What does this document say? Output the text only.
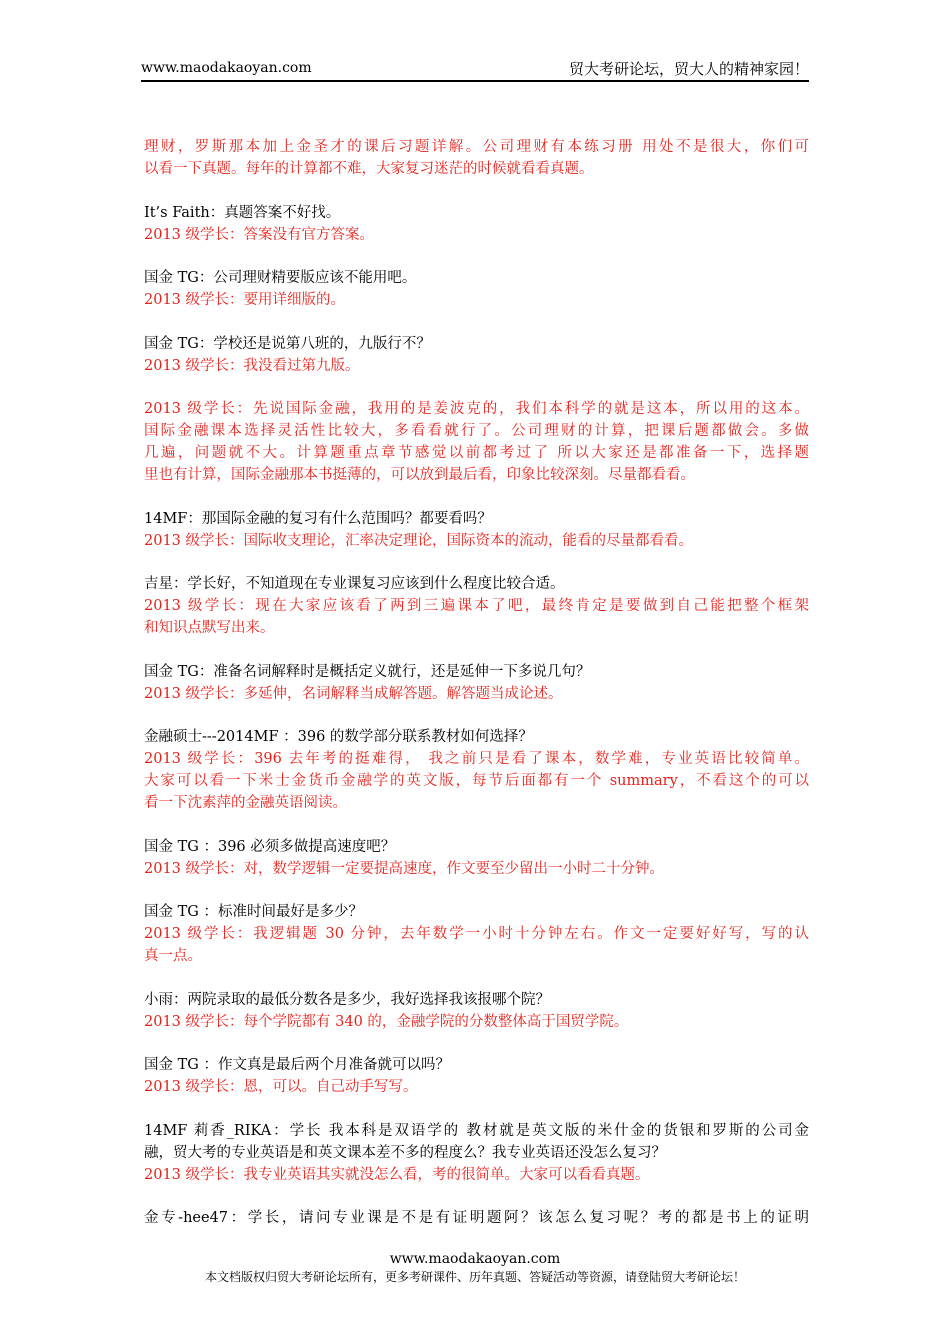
www.maodakaoyan.com	贸大考研论坛，贸大人的精神家园！
理财，罗斯那本加上金圣才的课后习题详解。公司理财有本练习册 用处不是很大，你们可
以看一下真题。每年的计算都不难，大家复习迷茫的时候就看看真题。
It’s Faith：真题答案不好找。
2013 级学长：答案没有官方答案。
国金 TG：公司理财精要版应该不能用吧。
2013 级学长：要用详细版的。
国金 TG：学校还是说第八班的，九版行不？
2013 级学长：我没看过第九版。
2013 级学长：先说国际金融，我用的是姜波克的，我们本科学的就是这本，所以用的这本。
国际金融课本选择灵活性比较大，多看看就行了。公司理财的计算，把课后题都做会。多做
几遍，问题就不大。计算题重点章节感觉以前都考过了 所以大家还是都准备一下，选择题
里也有计算，国际金融那本书挺薄的，可以放到最后看，印象比较深刻。尽量都看看。
14MF：那国际金融的复习有什么范围吗？都要看吗？
2013 级学长：国际收支理论，汇率决定理论，国际资本的流动，能看的尽量都看看。
吉星：学长好，不知道现在专业课复习应该到什么程度比较合适。
2013 级学长：现在大家应该看了两到三遍课本了吧，最终肯定是要做到自己能把整个框架
和知识点默写出来。
国金 TG：准备名词解释时是概括定义就行，还是延伸一下多说几句？
2013 级学长：多延伸，名词解释当成解答题。解答题当成论述。
金融硕士---2014MF ：396 的数学部分联系教材如何选择？
2013 级学长：396 去年考的挺难得， 我之前只是看了课本，数学难，专业英语比较简单。
大家可以看一下米士金货币金融学的英文版，每节后面都有一个 summary，不看这个的可以
看一下沈素萍的金融英语阅读。
国金 TG ：396 必须多做提高速度吧？
2013 级学长：对，数学逻辑一定要提高速度，作文要至少留出一小时二十分钟。
国金 TG ：标准时间最好是多少？
2013 级学长：我逻辑题 30 分钟，去年数学一小时十分钟左右。作文一定要好好写，写的认
真一点。
小雨：两院录取的最低分数各是多少，我好选择我该报哪个院？
2013 级学长：每个学院都有 340 的，金融学院的分数整体高于国贸学院。
国金 TG ：作文真是最后两个月准备就可以吗？
2013 级学长：恩，可以。自己动手写写。
14MF 莉香_RIKA：学长 我本科是双语学的 教材就是英文版的米什金的货银和罗斯的公司金
融，贸大考的专业英语是和英文课本差不多的程度么？我专业英语还没怎么复习？
2013 级学长：我专业英语其实就没怎么看，考的很简单。大家可以看看真题。
金专-hee47：学长，请问专业课是不是有证明题阿？该怎么复习呢？考的都是书上的证明
www.maodakaoyan.com
本文档版权归贸大考研论坛所有，更多考研课件、历年真题、答疑活动等资源，请登陆贸大考研论坛！
